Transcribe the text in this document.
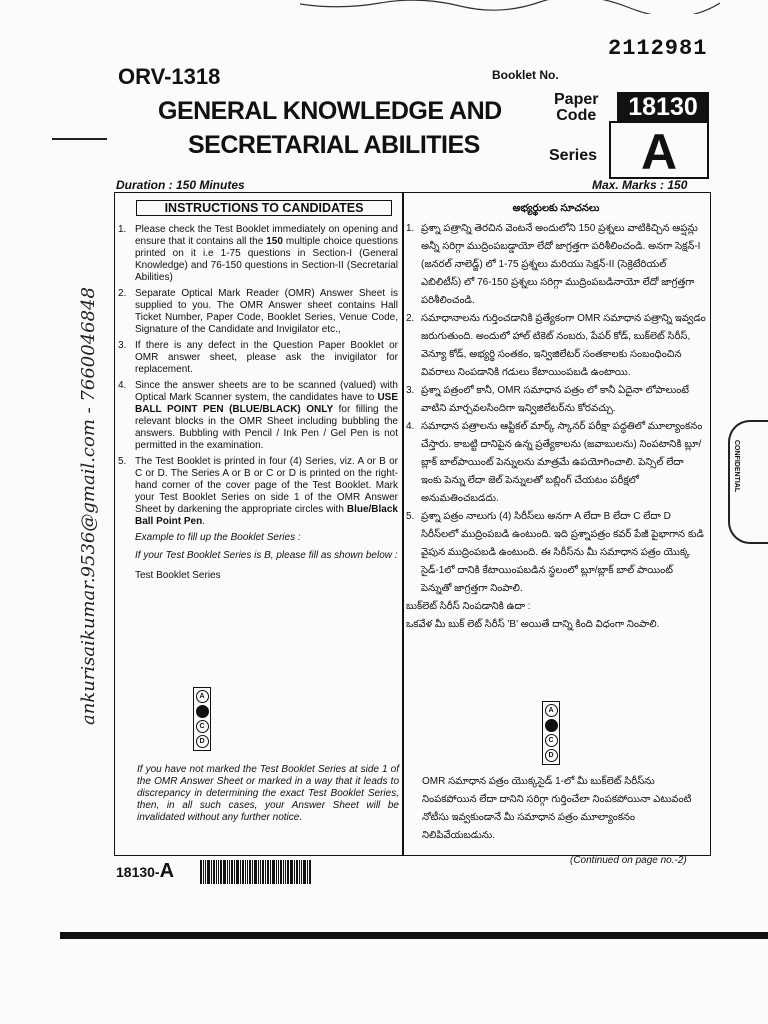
2112981
ORV-1318	Booklet No.
GENERAL KNOWLEDGE AND
SECRETARIAL ABILITIES
Paper
Code	18130
Series A
Duration : 150 Minutes	Max. Marks : 150
INSTRUCTIONS TO CANDIDATES
1. Please check the Test Booklet immediately on opening and ensure that it contains all the 150 multiple choice questions printed on it i.e 1-75 questions in Section-I (General Knowledge) and 76-150 questions in Section-II (Secretarial Abilities)
2. Separate Optical Mark Reader (OMR) Answer Sheet is supplied to you. The OMR Answer sheet contains Hall Ticket Number, Paper Code, Booklet Series, Venue Code, Signature of the Candidate and Invigilator etc.,
3. If there is any defect in the Question Paper Booklet or OMR answer sheet, please ask the invigilator for replacement.
4. Since the answer sheets are to be scanned (valued) with Optical Mark Scanner system, the candidates have to USE BALL POINT PEN (BLUE/BLACK) ONLY for filling the relevant blocks in the OMR Sheet including bubbling the answers. Bubbling with Pencil / Ink Pen / Gel Pen is not permitted in the examination.
5. The Test Booklet is printed in four (4) Series, viz. A or B or C or D. The Series A or B or C or D is printed on the right-hand corner of the cover page of the Test Booklet. Mark your Test Booklet Series on side 1 of the OMR Answer Sheet by darkening the appropriate circles with Blue/Black Ball Point Pen.
Example to fill up the Booklet Series :
If your Test Booklet Series is B, please fill as shown below :
Test Booklet Series
A
B
C
D
If you have not marked the Test Booklet Series at side 1 of the OMR Answer Sheet or marked in a way that it leads to discrepancy in determining the exact Test Booklet Series, then, in all such cases, your Answer Sheet will be invalidated without any further notice.
అభ్యర్థులకు సూచనలు
1. ప్రశ్నా పత్రాన్ని తెరచిన వెంటనే అందులోని 150 ప్రశ్నలు వాటికిచ్చిన ఆప్షన్లు అన్నీ సరిగ్గా ముద్రింపబడ్డాయో లేదో జాగ్రత్తగా పరిశీలించండి. అనగా సెక్షన్-I (జనరల్ నాలెడ్జ్) లో 1-75 ప్రశ్నలు మరియు సెక్షన్-II (సెక్రెటేరియల్ ఎబిలిటీస్) లో 76-150 ప్రశ్నలు సరిగ్గా ముద్రింపబడినాయో లేదో జాగ్రత్తగా పరిశీలించండి.
2. సమాధానాలను గుర్తించడానికి ప్రత్యేకంగా OMR సమాధాన పత్రాన్ని ఇవ్వడం జరుగుతుంది. అందులో హాల్ టికెట్ నంబరు, పేపర్ కోడ్, బుక్‌లెట్ సిరీస్, వెన్యూ కోడ్, అభ్యర్థి సంతకం, ఇన్విజిలేటర్ సంతకాలకు సంబంధించిన వివరాలు నింపడానికి గడులు కేటాయింపబడి ఉంటాయి.
3. ప్రశ్నా పత్రంలో కానీ, OMR సమాధాన పత్రం లో కానీ ఏదైనా లోపాలుంటే వాటిని మార్చవలసిందిగా ఇన్విజిలేటర్‌ను కోరవచ్చు.
4. సమాధాన పత్రాలను ఆప్టికల్ మార్క్ స్కానర్ పరీక్షా పద్ధతిలో మూల్యాంకనం చేస్తారు. కాబట్టి దానిపైన ఉన్న ప్రత్యేకాలను (జవాబులను) నింపటానికి బ్లూ/బ్లాక్ బాల్‌పాయింట్ పెన్నులను మాత్రమే ఉపయోగించాలి. పెన్సిల్ లేదా ఇంకు పెన్ను లేదా జెల్ పెన్నులతో బబ్లింగ్ చేయటం పరీక్షలో అనుమతించబడదు.
5. ప్రశ్నా పత్రం నాలుగు (4) సిరీస్‌లు అనగా A లేదా B లేదా C లేదా D సిరీస్‌లలో ముద్రింపబడి ఉంటుంది. ఇది ప్రశ్నాపత్రం కవర్ పేజీ పైభాగాన కుడి వైపున ముద్రింపబడి ఉంటుంది. ఈ సిరీస్‌ను మీ సమాధాన పత్రం యొక్క సైడ్-1లో దానికి కేటాయింపబడిన స్థలంలో బ్లూ/బ్లాక్ బాల్ పాయింట్ పెన్నుతో జాగ్రత్తగా నింపాలి.
బుక్‌లెట్ సిరీస్ నింపడానికి ఉదా :
ఒకవేళ మీ బుక్ లెట్ సిరీస్ 'B' అయితే దాన్ని కింది విధంగా నింపాలి.
A
B
C
D
OMR సమాధాన పత్రం యొక్కసైడ్ 1-లో మీ బుక్‌లెట్ సిరీస్‌ను నింపకపోయిన లేదా దానిని సరిగ్గా గుర్తించేలా నింపకపోయినా ఎటువంటి నోటీసు ఇవ్వకుండానే మీ సమాధాన పత్రం మూల్యాంకనం నిలిపివేయబడును.
18130-A	(Continued on page no.-2)
ankurisaikumar.9536@gmail.com - 7660046848	CONFIDENTIAL
